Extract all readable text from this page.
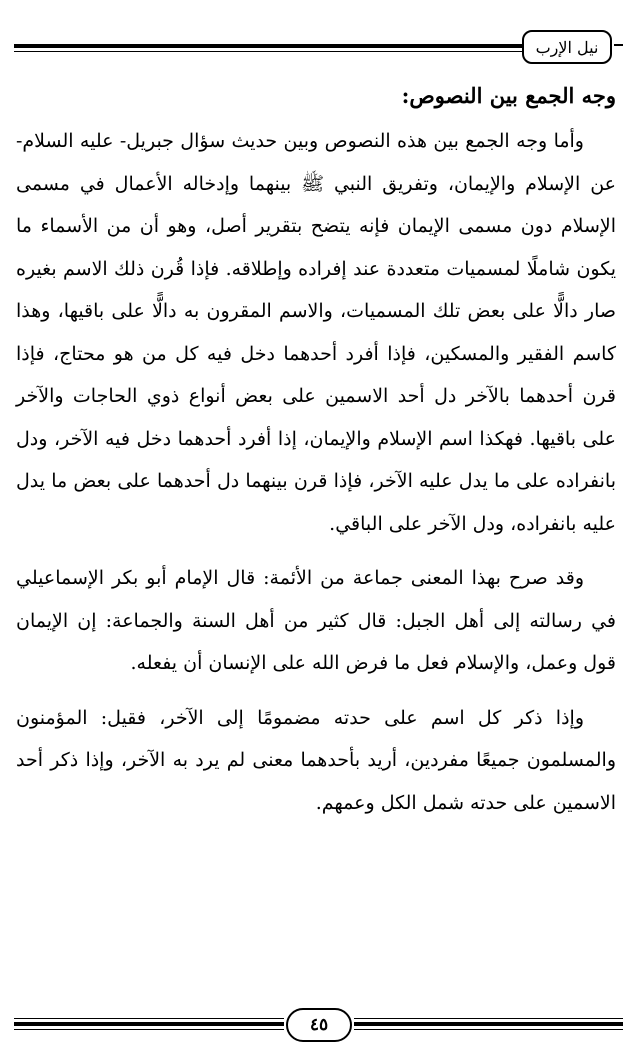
نيل الإرب
وجه الجمع بين النصوص:

وأما وجه الجمع بين هذه النصوص وبين حديث سؤال جبريل- عليه السلام- عن الإسلام والإيمان، وتفريق النبي ﷺ بينهما وإدخاله الأعمال في مسمى الإسلام دون مسمى الإيمان فإنه يتضح بتقرير أصل، وهو أن من الأسماء ما يكون شاملًا لمسميات متعددة عند إفراده وإطلاقه. فإذا قُرن ذلك الاسم بغيره صار دالًّا على بعض تلك المسميات، والاسم المقرون به دالًّا على باقيها، وهذا كاسم الفقير والمسكين، فإذا أفرد أحدهما دخل فيه كل من هو محتاج، فإذا قرن أحدهما بالآخر دل أحد الاسمين على بعض أنواع ذوي الحاجات والآخر على باقيها. فهكذا اسم الإسلام والإيمان، إذا أفرد أحدهما دخل فيه الآخر، ودل بانفراده على ما يدل عليه الآخر، فإذا قرن بينهما دل أحدهما على بعض ما يدل عليه بانفراده، ودل الآخر على الباقي.

وقد صرح بهذا المعنى جماعة من الأئمة: قال الإمام أبو بكر الإسماعيلي في رسالته إلى أهل الجبل: قال كثير من أهل السنة والجماعة: إن الإيمان قول وعمل، والإسلام فعل ما فرض الله على الإنسان أن يفعله.

وإذا ذكر كل اسم على حدته مضمومًا إلى الآخر، فقيل: المؤمنون والمسلمون جميعًا مفردين، أريد بأحدهما معنى لم يرد به الآخر، وإذا ذكر أحد الاسمين على حدته شمل الكل وعمهم.

٤٥
